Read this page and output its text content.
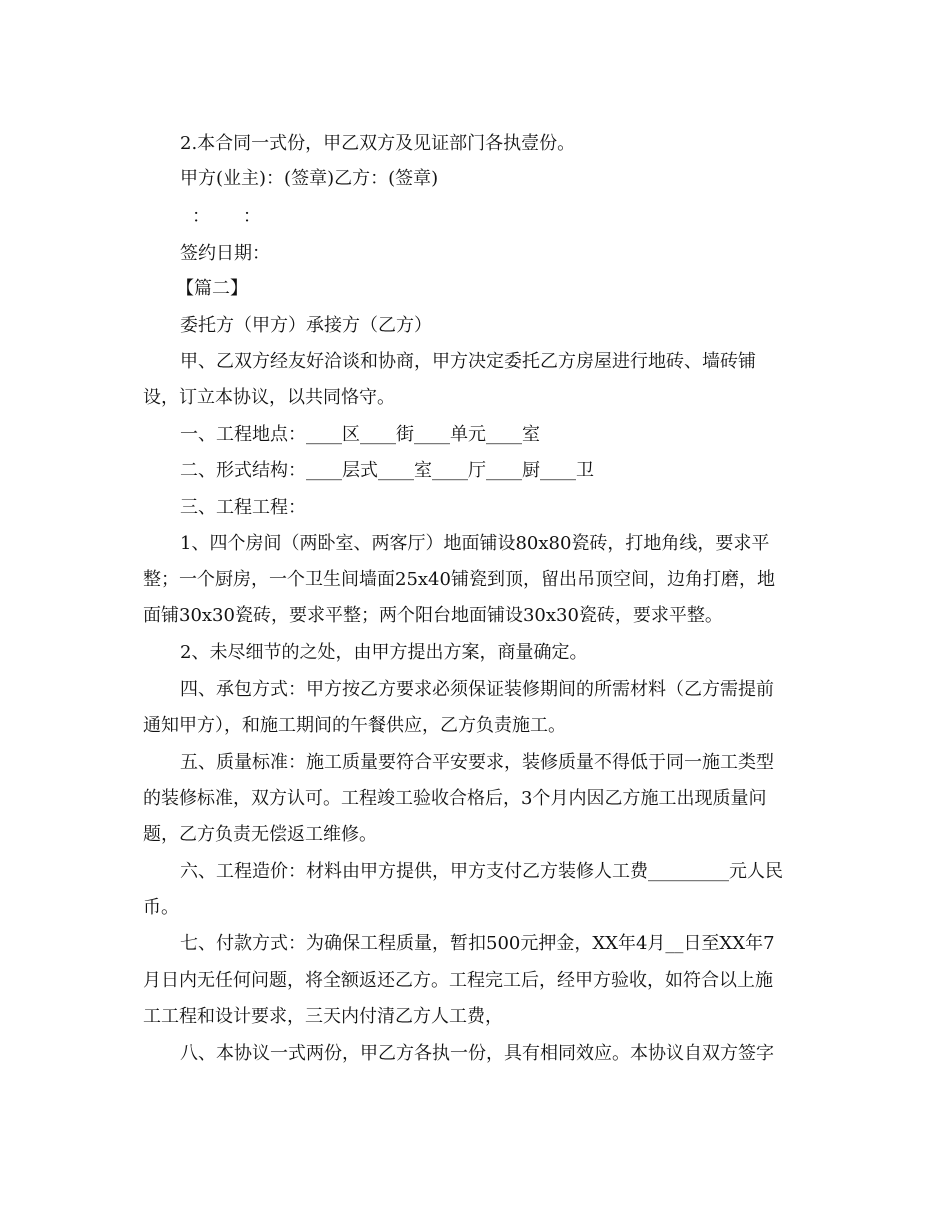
2.本合同一式份，甲乙双方及见证部门各执壹份。
甲方(业主)：(签章)乙方：(签章)
：    ：
签约日期：
【篇二】
委托方（甲方）承接方（乙方）
甲、乙双方经友好洽谈和协商，甲方决定委托乙方房屋进行地砖、墙砖铺
设，订立本协议，以共同恪守。
一、工程地点：____区____街____单元____室
二、形式结构：____层式____室____厅____厨____卫
三、工程工程：
1、四个房间（两卧室、两客厅）地面铺设80x80瓷砖，打地角线，要求平
整；一个厨房，一个卫生间墙面25x40铺瓷到顶，留出吊顶空间，边角打磨，地
面铺30x30瓷砖，要求平整；两个阳台地面铺设30x30瓷砖，要求平整。
2、未尽细节的之处，由甲方提出方案，商量确定。
四、承包方式：甲方按乙方要求必须保证装修期间的所需材料（乙方需提前
通知甲方），和施工期间的午餐供应，乙方负责施工。
五、质量标准：施工质量要符合平安要求，装修质量不得低于同一施工类型
的装修标准，双方认可。工程竣工验收合格后，3个月内因乙方施工出现质量问
题，乙方负责无偿返工维修。
六、工程造价：材料由甲方提供，甲方支付乙方装修人工费_________元人民
币。
七、付款方式：为确保工程质量，暂扣500元押金，XX年4月__日至XX年7
月日内无任何问题，将全额返还乙方。工程完工后，经甲方验收，如符合以上施
工工程和设计要求，三天内付清乙方人工费，
八、本协议一式两份，甲乙方各执一份，具有相同效应。本协议自双方签字
